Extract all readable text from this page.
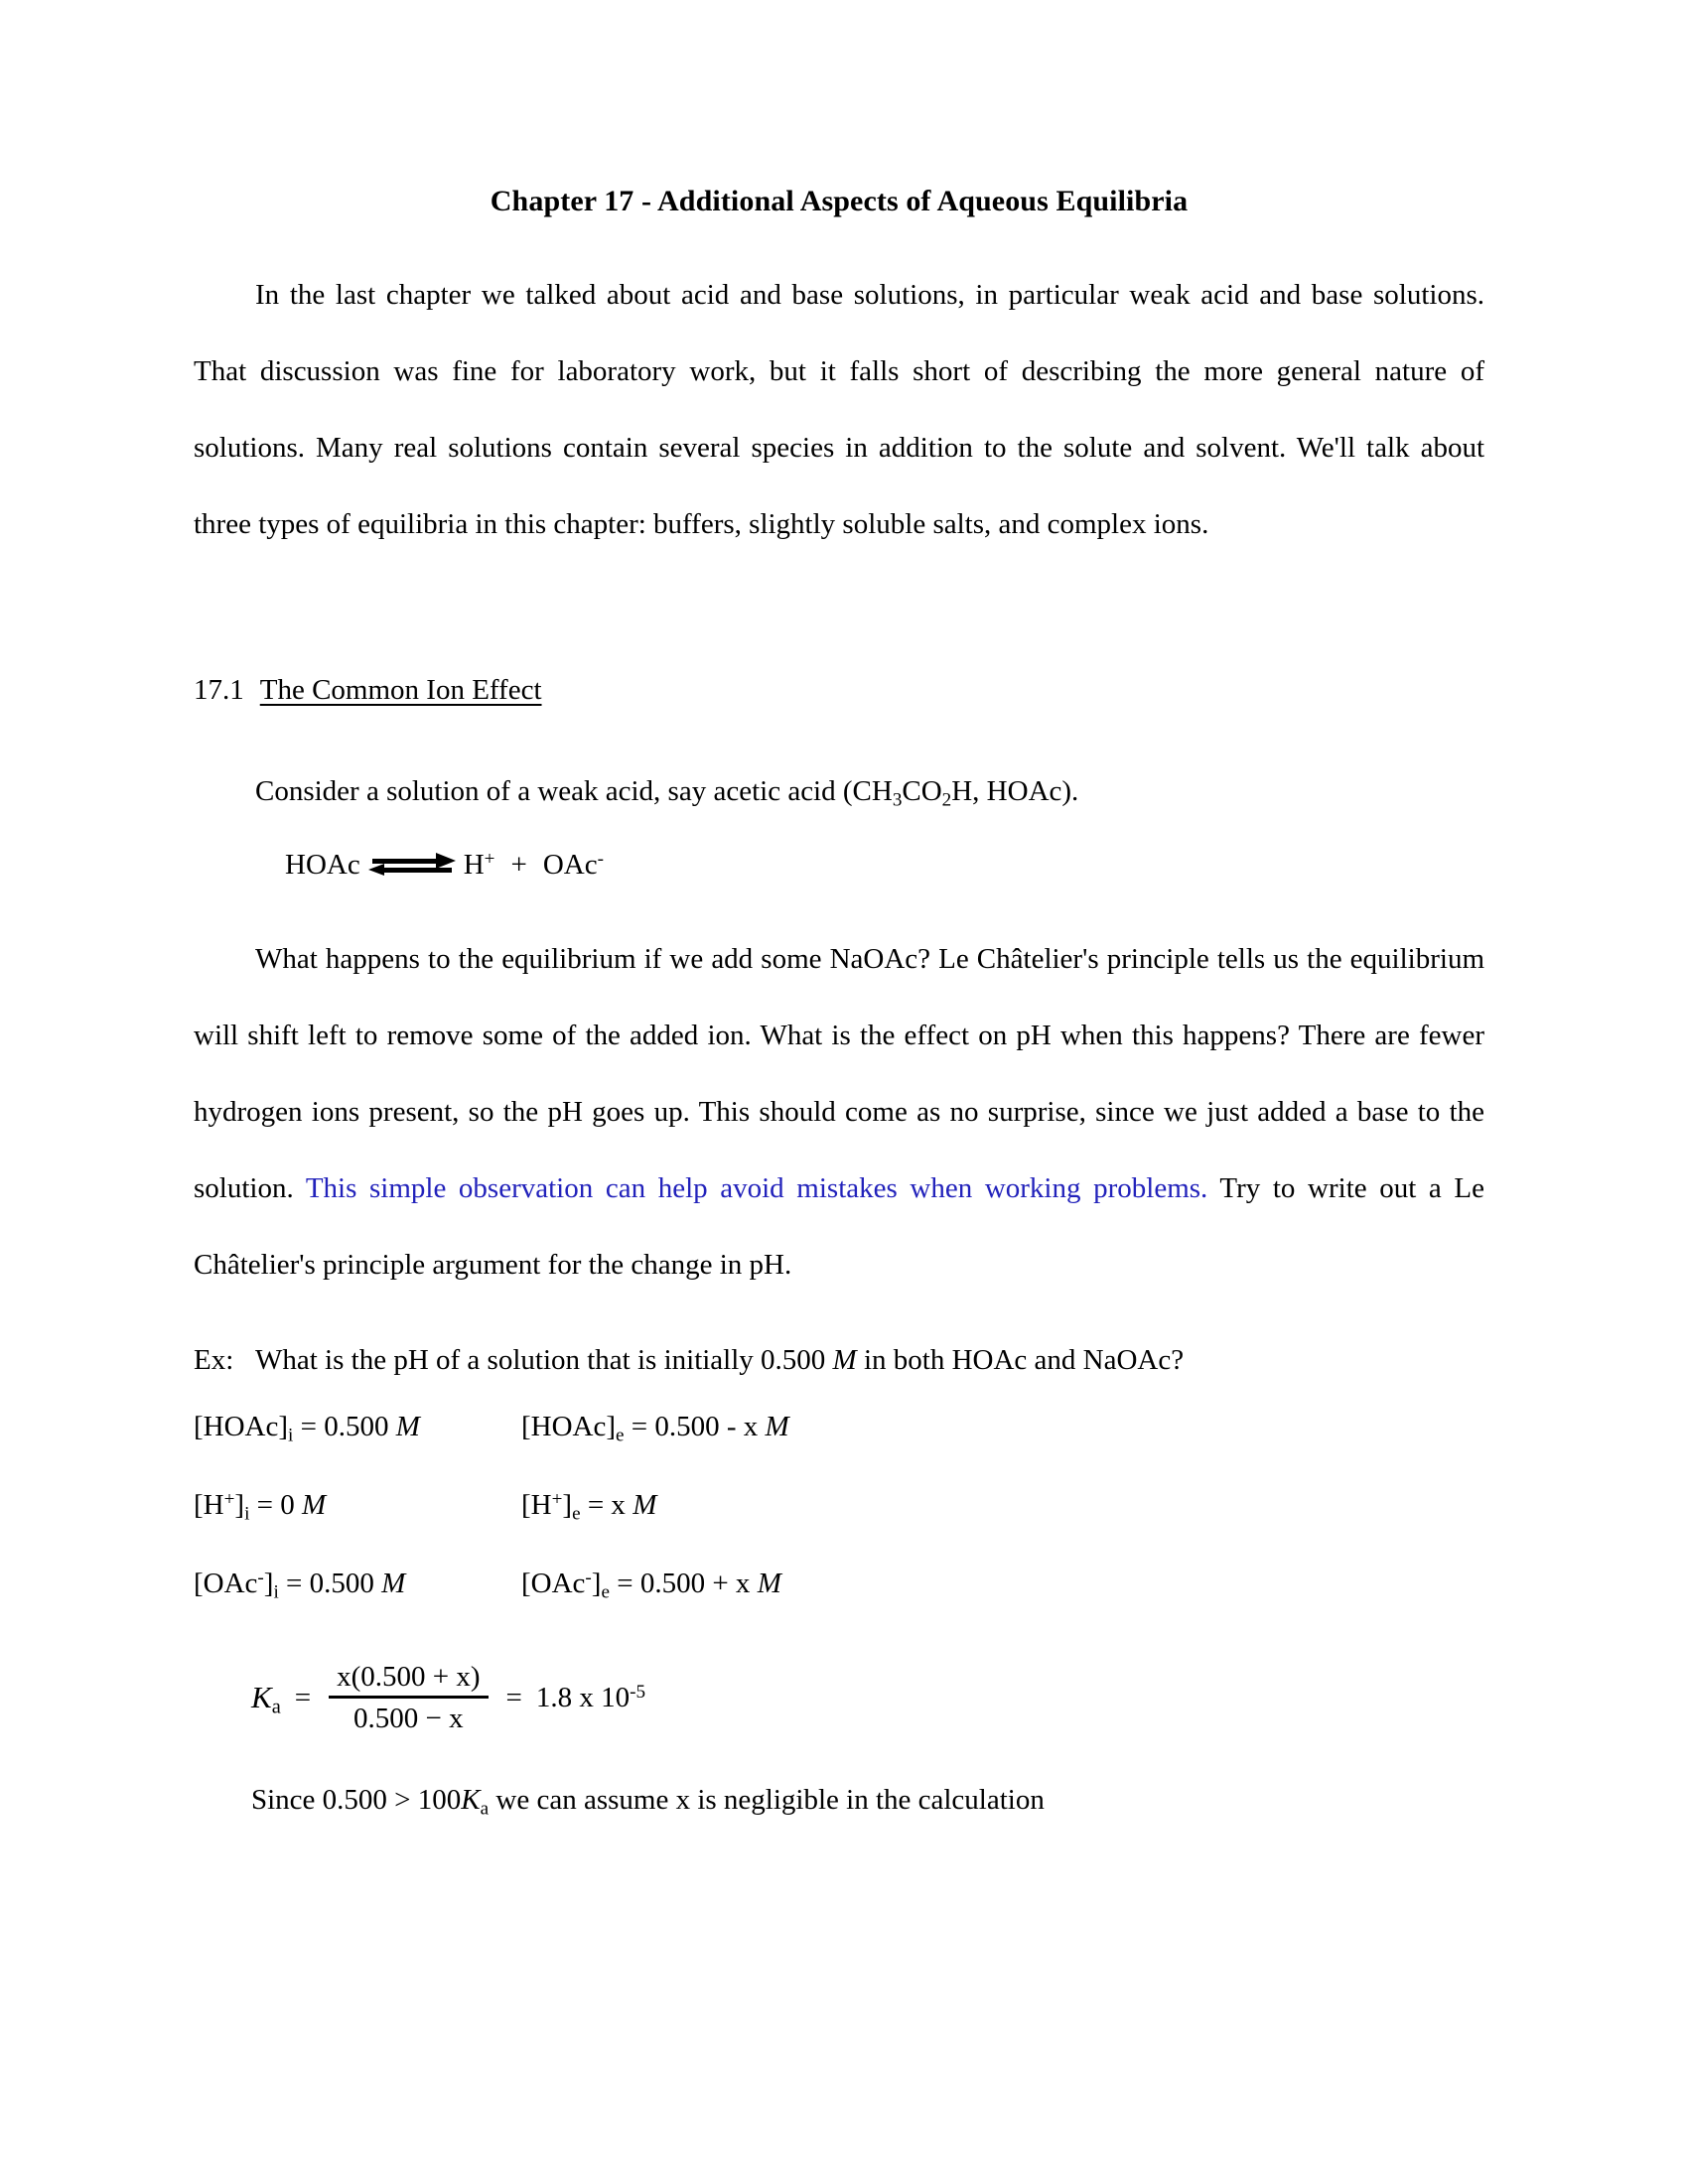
Chapter 17 - Additional Aspects of Aqueous Equilibria

In the last chapter we talked about acid and base solutions, in particular weak acid and base solutions. That discussion was fine for laboratory work, but it falls short of describing the more general nature of solutions. Many real solutions contain several species in addition to the solute and solvent. We'll talk about three types of equilibria in this chapter: buffers, slightly soluble salts, and complex ions.

17.1 The Common Ion Effect

Consider a solution of a weak acid, say acetic acid ($CH_3CO_2H$, HOAc).

HOAc	H+ + OAc-

What happens to the equilibrium if we add some NaOAc? Le Châtelier's principle tells us the equilibrium will shift left to remove some of the added ion. What is the effect on pH when this happens? There are fewer hydrogen ions present, so the pH goes up. This should come as no surprise, since we just added a base to the solution. This simple observation can help avoid mistakes when working problems. Try to write out a Le Châtelier's principle argument for the change in pH.

Ex: What is the pH of a solution that is initially 0.500 M in both HOAc and NaOAc?
$[HOAc]_i = 0.500$ M	$[HOAc]_e = 0.500 - x$ M
$[H^+]_i = 0$ M	$[H^+]_e = x$ M
$[OAc^-]_i = 0.500$ M	$[OAc^-]_e = 0.500 + x$ M
$K_a = \frac{x(0.500 + x)}{0.500 - x} = 1.8$ x $10^{-5}$
Since $0.500 > 100K_a$ we can assume x is negligible in the calculation
